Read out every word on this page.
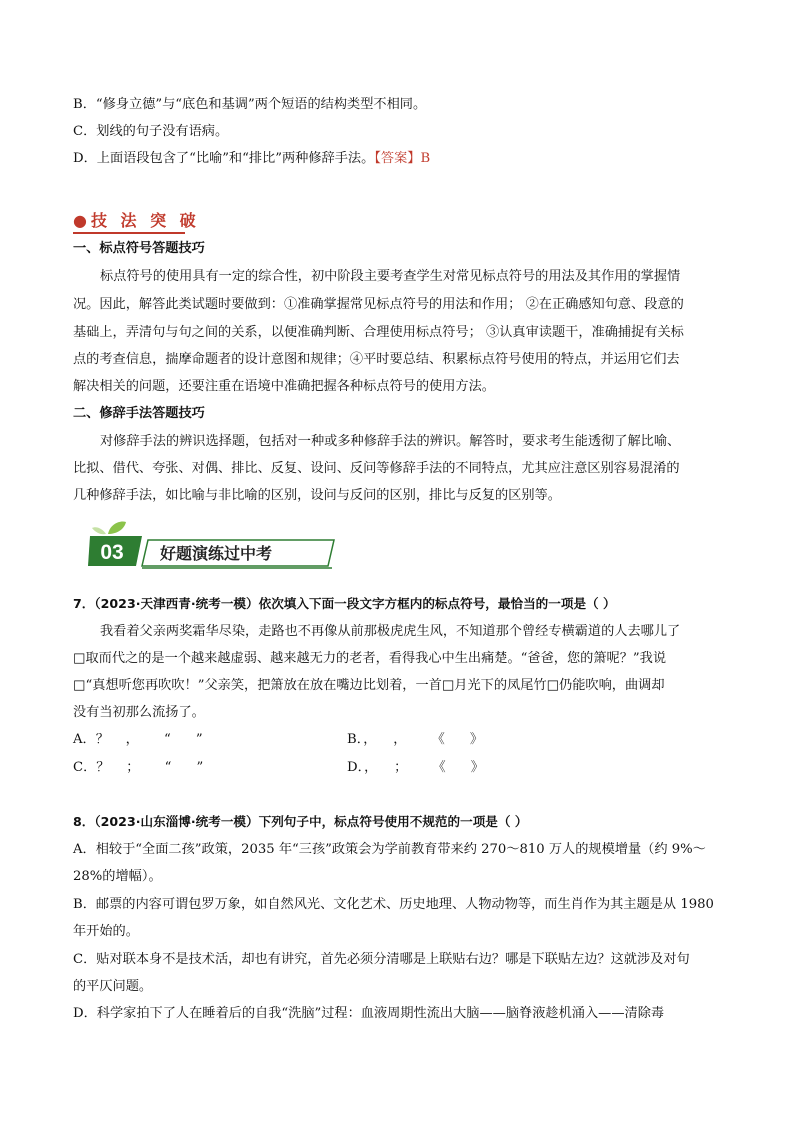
B．“修身立德”与“底色和基调”两个短语的结构类型不相同。
C．划线的句子没有语病。
D．上面语段包含了“比喻”和“排比”两种修辞手法。【答案】B
●技 法 突 破
一、标点符号答题技巧
标点符号的使用具有一定的综合性，初中阶段主要考查学生对常见标点符号的用法及其作用的掌握情
况。因此，解答此类试题时要做到：①准确掌握常见标点符号的用法和作用； ②在正确感知句意、段意的
基础上，弄清句与句之间的关系，以便准确判断、合理使用标点符号； ③认真审读题干，准确捕捉有关标
点的考查信息，揣摩命题者的设计意图和规律；④平时要总结、积累标点符号使用的特点，并运用它们去
解决相关的问题，还要注重在语境中准确把握各种标点符号的使用方法。
二、修辞手法答题技巧
对修辞手法的辨识选择题，包括对一种或多种修辞手法的辨识。解答时，要求考生能透彻了解比喻、
比拟、借代、夸张、对偶、排比、反复、设问、反问等修辞手法的不同特点，尤其应注意区别容易混淆的
几种修辞手法，如比喻与非比喻的区别，设问与反问的区别，排比与反复的区别等。
03 好题演练过中考
7．（2023·天津西青·统考一模）依次填入下面一段文字方框内的标点符号，最恰当的一项是（ ）
我看着父亲两奖霜华尽染，走路也不再像从前那极虎虎生风，不知道那个曾经专横霸道的人去哪儿了
□取而代之的是一个越来越虚弱、越来越无力的老者，看得我心中生出痛楚。“爸爸，您的箫呢？”我说
□“真想听您再吹吹！”父亲笑，把箫放在放在嘴边比划着，一首□月光下的凤尾竹□仍能吹响，曲调却
没有当初那么流扬了。
A．？    ，      “      ”	B．，    ，      《      》
C．？    ；      “      ”	D．，    ；      《      》
8．（2023·山东淄博·统考一模）下列句子中，标点符号使用不规范的一项是（ ）
A．相较于“全面二孩”政策，2035 年“三孩”政策会为学前教育带来约 270～810 万人的规模增量（约 9%～
28%的增幅）。
B．邮票的内容可谓包罗万象，如自然风光、文化艺术、历史地理、人物动物等，而生肖作为其主题是从 1980
年开始的。
C．贴对联本身不是技术活，却也有讲究，首先必须分清哪是上联贴右边？哪是下联贴左边？这就涉及对句
的平仄问题。
D．科学家拍下了人在睡着后的自我“洗脑”过程：血液周期性流出大脑——脑脊液趁机涌入——清除毒
